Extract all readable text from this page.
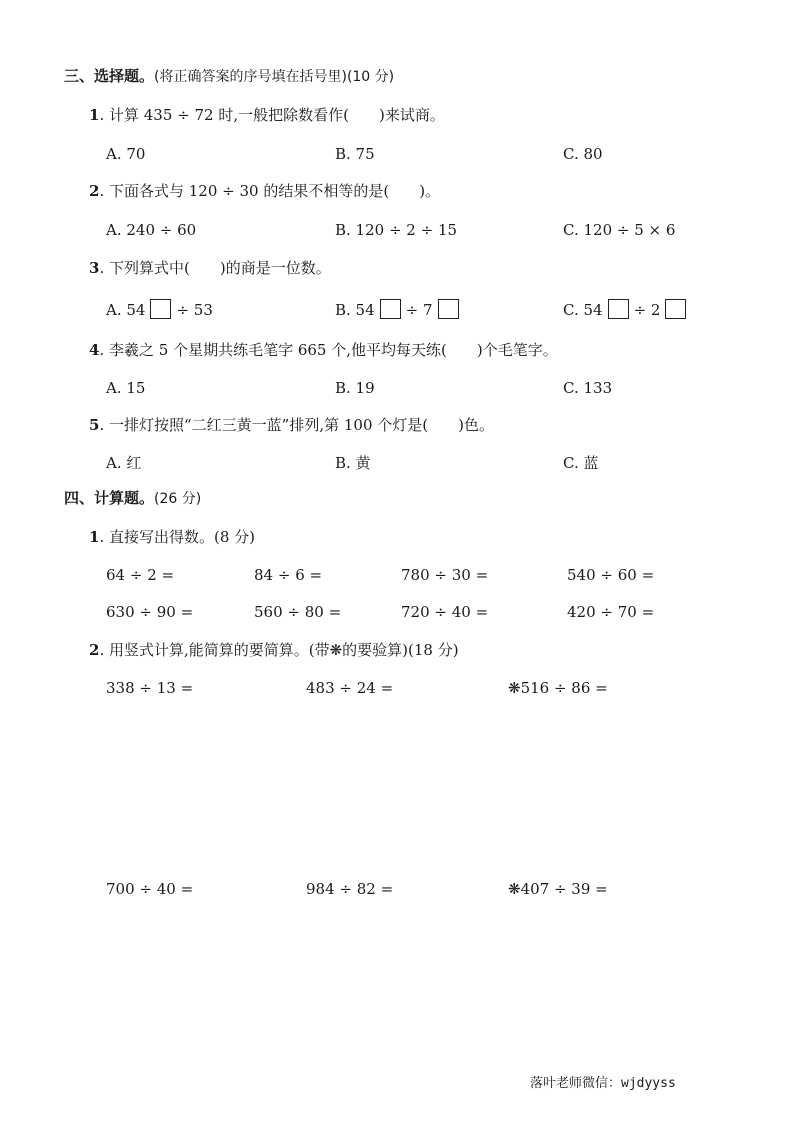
三、选择题。(将正确答案的序号填在括号里)(10 分)
1. 计算 435 ÷ 72 时,一般把除数看作(　　)来试商。
A. 70	B. 75	C. 80
2. 下面各式与 120 ÷ 30 的结果不相等的是(　　)。
A. 240 ÷ 60	B. 120 ÷ 2 ÷ 15	C. 120 ÷ 5 × 6
3. 下列算式中(　　)的商是一位数。
A. 54 ÷ 53	B. 54 ÷ 7	C. 54 ÷ 2
4. 李羲之 5 个星期共练毛笔字 665 个,他平均每天练(　　)个毛笔字。
A. 15	B. 19	C. 133
5. 一排灯按照“二红三黄一蓝”排列,第 100 个灯是(　　)色。
A. 红	B. 黄	C. 蓝
四、计算题。(26 分)
1. 直接写出得数。(8 分)
64 ÷ 2 =	84 ÷ 6 =	780 ÷ 30 =	540 ÷ 60 =
630 ÷ 90 =	560 ÷ 80 =	720 ÷ 40 =	420 ÷ 70 =
2. 用竖式计算,能简算的要简算。(带❋的要验算)(18 分)
338 ÷ 13 =	483 ÷ 24 =	❋516 ÷ 86 =
700 ÷ 40 =	984 ÷ 82 =	❋407 ÷ 39 =
落叶老师微信：wjdyyss
